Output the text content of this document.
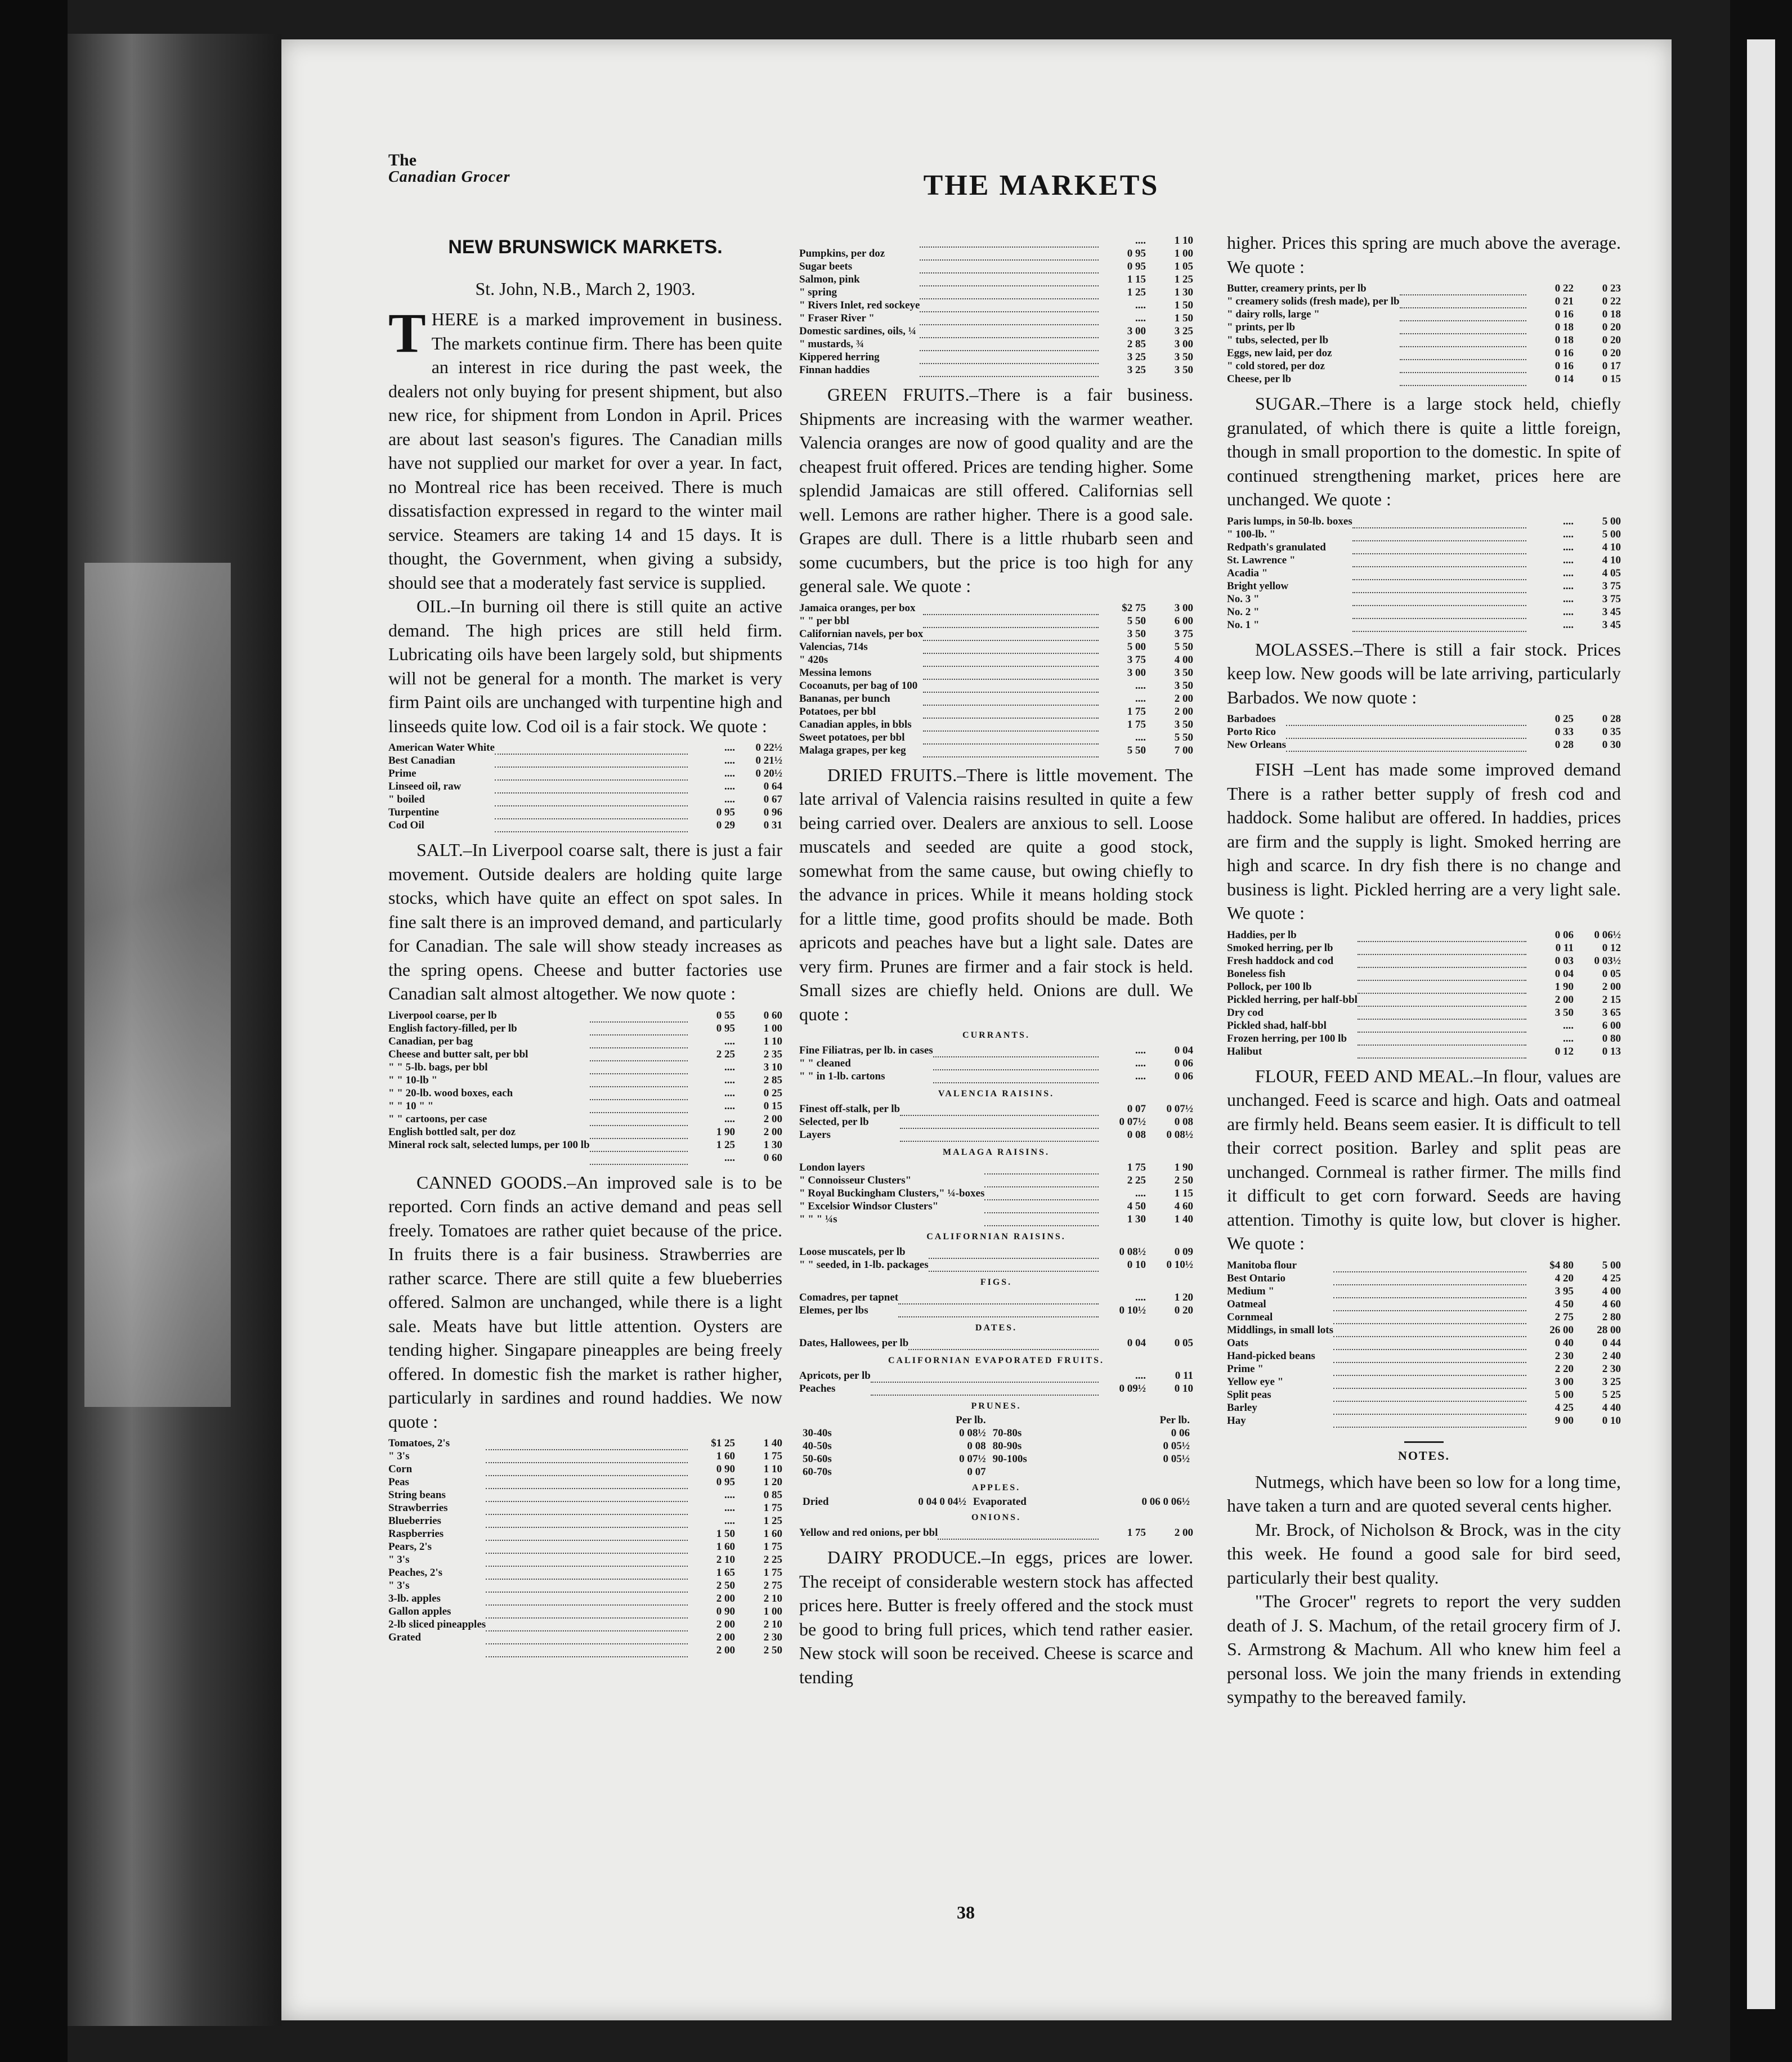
The
Canadian Grocer	THE MARKETS
NEW BRUNSWICK MARKETS.
St. John, N.B., March 2, 1903.

THERE is a marked improvement in business. The markets continue firm. There has been quite an interest in rice during the past week, the dealers not only buying for present shipment, but also new rice, for shipment from London in April. Prices are about last season's figures. The Canadian mills have not supplied our market for over a year. In fact, no Montreal rice has been received. There is much dissatisfaction expressed in regard to the winter mail service. Steamers are taking 14 and 15 days. It is thought, the Government, when giving a subsidy, should see that a moderately fast service is supplied.

OIL.–In burning oil there is still quite an active demand. The high prices are still held firm. Lubricating oils have been largely sold, but shipments will not be general for a month. The market is very firm Paint oils are unchanged with turpentine high and linseeds quite low. Cod oil is a fair stock. We quote :

American Water White		....	0 22½
Best Canadian		....	0 21½
Prime		....	0 20½
Linseed oil, raw		....	0 64
" boiled		....	0 67
Turpentine		0 95	0 96
Cod Oil		0 29	0 31

SALT.–In Liverpool coarse salt, there is just a fair movement. Outside dealers are holding quite large stocks, which have quite an effect on spot sales. In fine salt there is an improved demand, and particularly for Canadian. The sale will show steady increases as the spring opens. Cheese and butter factories use Canadian salt almost altogether. We now quote :

Liverpool coarse, per lb		0 55	0 60
English factory-filled, per lb		0 95	1 00
Canadian, per bag		....	1 10
Cheese and butter salt, per bbl		2 25	2 35
" " 5-lb. bags, per bbl		....	3 10
" " 10-lb "		....	2 85
" " 20-lb. wood boxes, each		....	0 25
" " 10 " "		....	0 15
" " cartoons, per case		....	2 00
English bottled salt, per doz		1 90	2 00
Mineral rock salt, selected lumps, per 100 lb		1 25	1 30
		....	0 60

CANNED GOODS.–An improved sale is to be reported. Corn finds an active demand and peas sell freely. Tomatoes are rather quiet because of the price. In fruits there is a fair business. Strawberries are rather scarce. There are still quite a few blueberries offered. Salmon are unchanged, while there is a light sale. Meats have but little attention. Oysters are tending higher. Singapare pineapples are being freely offered. In domestic fish the market is rather higher, particularly in sardines and round haddies. We now quote :

Tomatoes, 2's		$1 25	1 40
" 3's		1 60	1 75
Corn		0 90	1 10
Peas		0 95	1 20
String beans		....	0 85
Strawberries		....	1 75
Blueberries		....	1 25
Raspberries		1 50	1 60
Pears, 2's		1 60	1 75
" 3's		2 10	2 25
Peaches, 2's		1 65	1 75
" 3's		2 50	2 75
3-lb. apples		2 00	2 10
Gallon apples		0 90	1 00
2-lb sliced pineapples		2 00	2 10
Grated		2 00	2 30
		2 00	2 50
		....	1 10
Pumpkins, per doz		0 95	1 00
Sugar beets		0 95	1 05
Salmon, pink		1 15	1 25
" spring		1 25	1 30
" Rivers Inlet, red sockeye		....	1 50
" Fraser River "		....	1 50
Domestic sardines, oils, ¼		3 00	3 25
" mustards, ¾		2 85	3 00
Kippered herring		3 25	3 50
Finnan haddies		3 25	3 50

GREEN FRUITS.–There is a fair business. Shipments are increasing with the warmer weather. Valencia oranges are now of good quality and are the cheapest fruit offered. Prices are tending higher. Some splendid Jamaicas are still offered. Californias sell well. Lemons are rather higher. There is a good sale. Grapes are dull. There is a little rhubarb seen and some cucumbers, but the price is too high for any general sale. We quote :

Jamaica oranges, per box		$2 75	3 00
" " per bbl		5 50	6 00
Californian navels, per box		3 50	3 75
Valencias, 714s		5 00	5 50
" 420s		3 75	4 00
Messina lemons		3 00	3 50
Cocoanuts, per bag of 100		....	3 50
Bananas, per bunch		....	2 00
Potatoes, per bbl		1 75	2 00
Canadian apples, in bbls		1 75	3 50
Sweet potatoes, per bbl		....	5 50
Malaga grapes, per keg		5 50	7 00

DRIED FRUITS.–There is little movement. The late arrival of Valencia raisins resulted in quite a few being carried over. Dealers are anxious to sell. Loose muscatels and seeded are quite a good stock, somewhat from the same cause, but owing chiefly to the advance in prices. While it means holding stock for a little time, good profits should be made. Both apricots and peaches have but a light sale. Dates are very firm. Prunes are firmer and a fair stock is held. Small sizes are chiefly held. Onions are dull. We quote :

CURRANTS.
Fine Filiatras, per lb. in cases		....	0 04
" " cleaned		....	0 06
" " in 1-lb. cartons		....	0 06
VALENCIA RAISINS.
Finest off-stalk, per lb		0 07	0 07½
Selected, per lb		0 07½	0 08
Layers		0 08	0 08½
MALAGA RAISINS.
London layers		1 75	1 90
" Connoisseur Clusters"		2 25	2 50
" Royal Buckingham Clusters," ¼-boxes		....	1 15
" Excelsior Windsor Clusters"		4 50	4 60
" " " ¼s		1 30	1 40
CALIFORNIAN RAISINS.
Loose muscatels, per lb		0 08½	0 09
" " seeded, in 1-lb. packages		0 10	0 10½
FIGS.
Comadres, per tapnet		....	1 20
Elemes, per lbs		0 10½	0 20
DATES.
Dates, Hallowees, per lb		0 04	0 05
CALIFORNIAN EVAPORATED FRUITS.
Apricots, per lb		....	0 11
Peaches		0 09½	0 10
PRUNES.
	Per lb.		Per lb.
30-40s	0 08½	70-80s	0 06
40-50s	0 08	80-90s	0 05½
50-60s	0 07½	90-100s	0 05½
60-70s	0 07		
APPLES.
Dried	0 04 0 04½	Evaporated	0 06 0 06½
ONIONS.
Yellow and red onions, per bbl		1 75	2 00

DAIRY PRODUCE.–In eggs, prices are lower. The receipt of considerable western stock has affected prices here. Butter is freely offered and the stock must be good to bring full prices, which tend rather easier. New stock will soon be received. Cheese is scarce and tending

higher. Prices this spring are much above the average. We quote :

Butter, creamery prints, per lb		0 22	0 23
" creamery solids (fresh made), per lb		0 21	0 22
" dairy rolls, large "		0 16	0 18
" prints, per lb		0 18	0 20
" tubs, selected, per lb		0 18	0 20
Eggs, new laid, per doz		0 16	0 20
" cold stored, per doz		0 16	0 17
Cheese, per lb		0 14	0 15

SUGAR.–There is a large stock held, chiefly granulated, of which there is quite a little foreign, though in small proportion to the domestic. In spite of continued strengthening market, prices here are unchanged. We quote :

Paris lumps, in 50-lb. boxes		....	5 00
" 100-lb. "		....	5 00
Redpath's granulated		....	4 10
St. Lawrence "		....	4 10
Acadia "		....	4 05
Bright yellow		....	3 75
No. 3 "		....	3 75
No. 2 "		....	3 45
No. 1 "		....	3 45

MOLASSES.–There is still a fair stock. Prices keep low. New goods will be late arriving, particularly Barbados. We now quote :

Barbadoes		0 25	0 28
Porto Rico		0 33	0 35
New Orleans		0 28	0 30

FISH –Lent has made some improved demand There is a rather better supply of fresh cod and haddock. Some halibut are offered. In haddies, prices are firm and the supply is light. Smoked herring are high and scarce. In dry fish there is no change and business is light. Pickled herring are a very light sale. We quote :

Haddies, per lb		0 06	0 06½
Smoked herring, per lb		0 11	0 12
Fresh haddock and cod		0 03	0 03½
Boneless fish		0 04	0 05
Pollock, per 100 lb		1 90	2 00
Pickled herring, per half-bbl		2 00	2 15
Dry cod		3 50	3 65
Pickled shad, half-bbl		....	6 00
Frozen herring, per 100 lb		....	0 80
Halibut		0 12	0 13

FLOUR, FEED AND MEAL.–In flour, values are unchanged. Feed is scarce and high. Oats and oatmeal are firmly held. Beans seem easier. It is difficult to tell their correct position. Barley and split peas are unchanged. Cornmeal is rather firmer. The mills find it difficult to get corn forward. Seeds are having attention. Timothy is quite low, but clover is higher. We quote :

Manitoba flour		$4 80	5 00
Best Ontario		4 20	4 25
Medium "		3 95	4 00
Oatmeal		4 50	4 60
Cornmeal		2 75	2 80
Middlings, in small lots		26 00	28 00
Oats		0 40	0 44
Hand-picked beans		2 30	2 40
Prime "		2 20	2 30
Yellow eye "		3 00	3 25
Split peas		5 00	5 25
Barley		4 25	4 40
Hay		9 00	0 10
NOTES.

Nutmegs, which have been so low for a long time, have taken a turn and are quoted several cents higher.

Mr. Brock, of Nicholson & Brock, was in the city this week. He found a good sale for bird seed, particularly their best quality.

"The Grocer" regrets to report the very sudden death of J. S. Machum, of the retail grocery firm of J. S. Armstrong & Machum. All who knew him feel a personal loss. We join the many friends in extending sympathy to the bereaved family.

38
